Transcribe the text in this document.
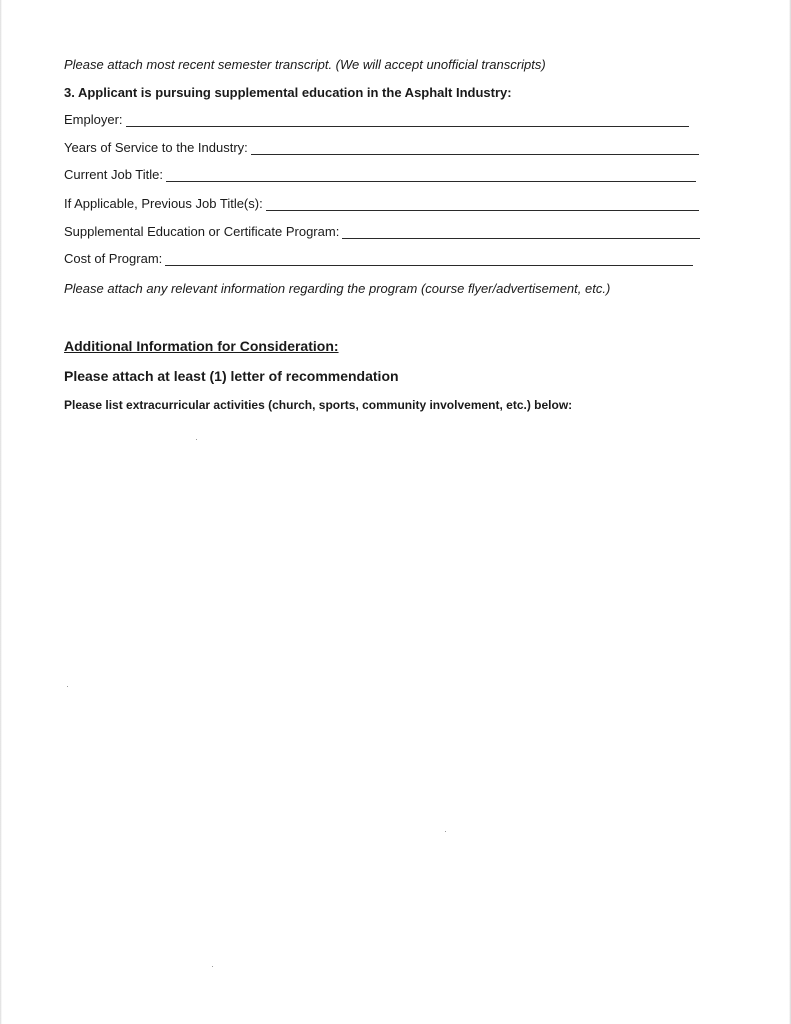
Please attach most recent semester transcript. (We will accept unofficial transcripts)
3. Applicant is pursuing supplemental education in the Asphalt Industry:
Employer:
Years of Service to the Industry:
Current Job Title:
If Applicable, Previous Job Title(s):
Supplemental Education or Certificate Program:
Cost of Program:
Please attach any relevant information regarding the program (course flyer/advertisement, etc.)
Additional Information for Consideration:
Please attach at least (1) letter of recommendation
Please list extracurricular activities (church, sports, community involvement, etc.) below:
